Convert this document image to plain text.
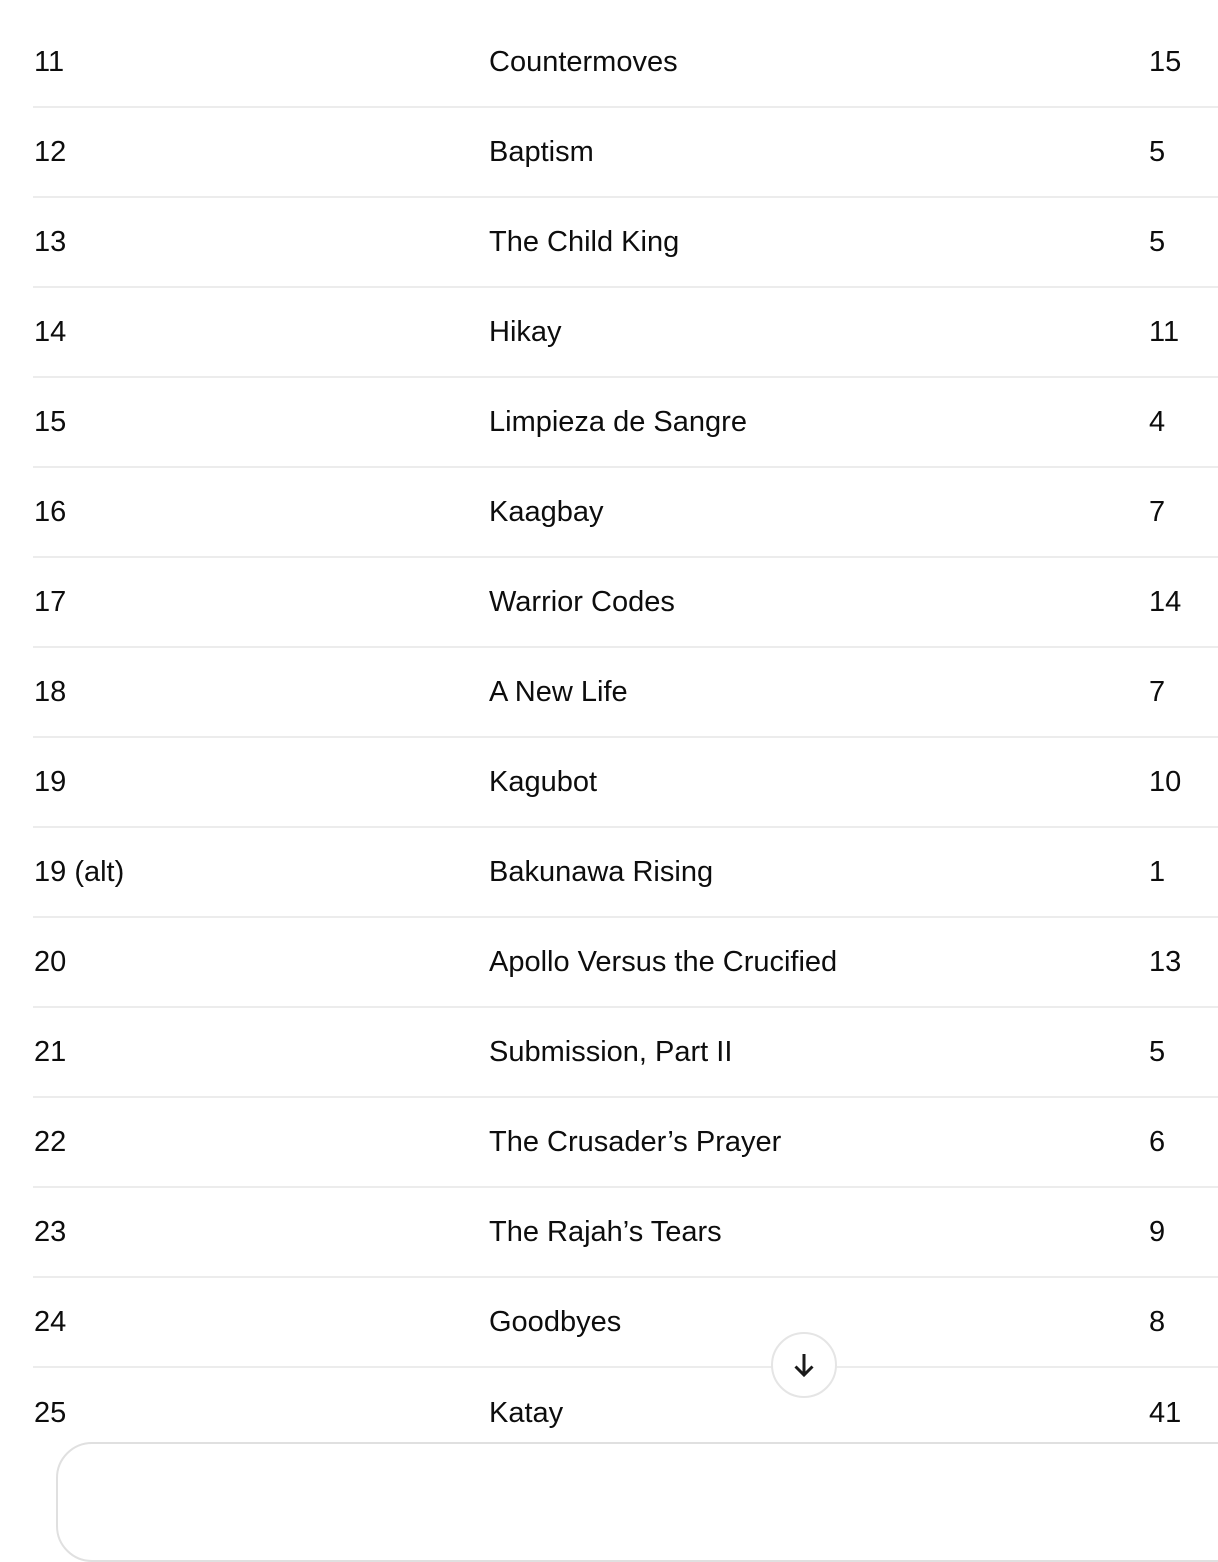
11	Countermoves	15
12	Baptism	5
13	The Child King	5
14	Hikay	11
15	Limpieza de Sangre	4
16	Kaagbay	7
17	Warrior Codes	14
18	A New Life	7
19	Kagubot	10
19 (alt)	Bakunawa Rising	1
20	Apollo Versus the Crucified	13
21	Submission, Part II	5
22	The Crusader’s Prayer	6
23	The Rajah’s Tears	9
24	Goodbyes	8
25	Katay	41
